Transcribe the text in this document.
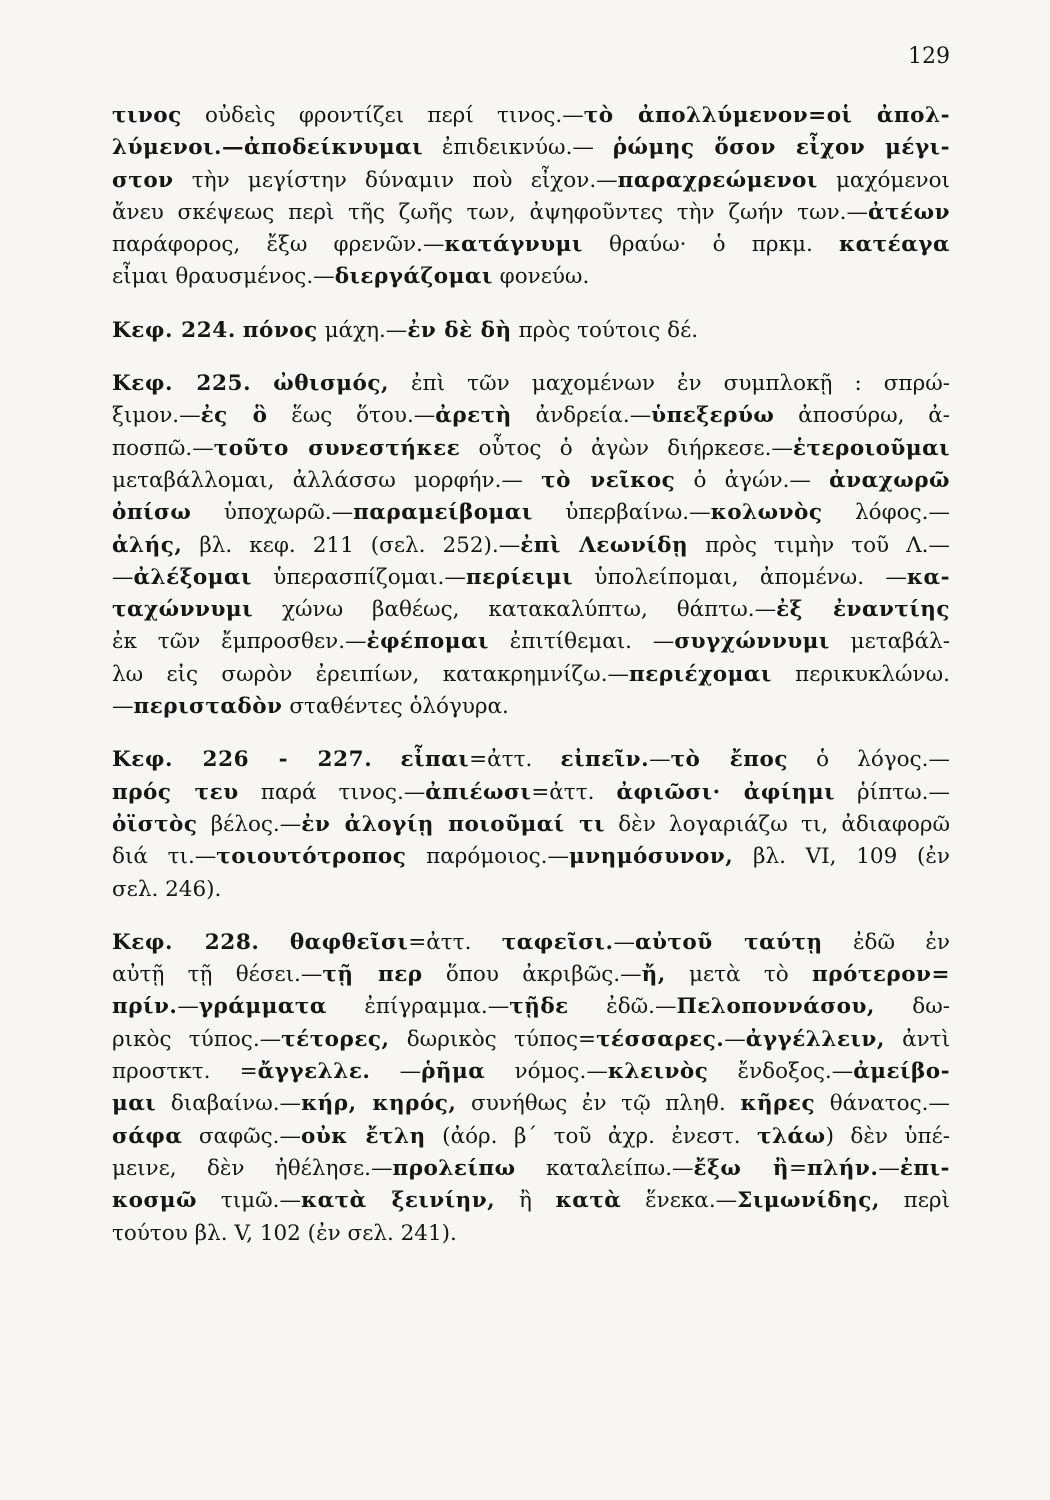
129
τινος οὐδεὶς φροντίζει περί τινος.—τὸ ἀπολλύμενον=οἱ ἀπολ-
λύμενοι.—ἀποδείκνυμαι ἐπιδεικνύω.— ῥώμης ὅσον εἶχον μέγι-
στον τὴν μεγίστην δύναμιν ποὺ εἶχον.—παραχρεώμενοι μαχόμενοι
ἄνευ σκέψεως περὶ τῆς ζωῆς των, ἀψηφοῦντες τὴν ζωήν των.—ἀτέων
παράφορος, ἔξω φρενῶν.—κατάγνυμι θραύω· ὁ πρκμ. κατέαγα
εἶμαι θραυσμένος.—διεργάζομαι φονεύω.
Κεφ. 224. πόνος μάχη.—ἐν δὲ δὴ πρὸς τούτοις δέ.
Κεφ. 225. ὠθισμός, ἐπὶ τῶν μαχομένων ἐν συμπλοκῇ : σπρώ-
ξιμον.—ἐς ὃ ἕως ὅτου.—ἀρετὴ ἀνδρεία.—ὑπεξερύω ἀποσύρω, ἀ-
ποσπῶ.—τοῦτο συνεστήκεε οὗτος ὁ ἀγὼν διήρκεσε.—ἑτεροιοῦμαι
μεταβάλλομαι, ἀλλάσσω μορφήν.— τὸ νεῖκος ὁ ἀγών.— ἀναχωρῶ
ὀπίσω ὑποχωρῶ.—παραμείβομαι ὑπερβαίνω.—κολωνὸς λόφος.—
ἁλής, βλ. κεφ. 211 (σελ. 252).—ἐπὶ Λεωνίδῃ πρὸς τιμὴν τοῦ Λ.—
—ἀλέξομαι ὑπερασπίζομαι.—περίειμι ὑπολείπομαι, ἀπομένω. —κα-
ταχώννυμι χώνω βαθέως, κατακαλύπτω, θάπτω.—ἐξ ἐναντίης
ἐκ τῶν ἔμπροσθεν.—ἐφέπομαι ἐπιτίθεμαι. —συγχώννυμι μεταβάλ-
λω εἰς σωρὸν ἐρειπίων, κατακρημνίζω.—περιέχομαι περικυκλώνω.
—περισταδὸν σταθέντες ὁλόγυρα.
Κεφ. 226 - 227. εἶπαι=ἀττ. εἰπεῖν.—τὸ ἔπος ὁ λόγος.—
πρός τευ παρά τινος.—ἀπιέωσι=ἀττ. ἀφιῶσι· ἀφίημι ῥίπτω.—
ὀϊστὸς βέλος.—ἐν ἀλογίῃ ποιοῦμαί τι δὲν λογαριάζω τι, ἀδιαφορῶ
διά τι.—τοιουτότροπος παρόμοιος.—μνημόσυνον, βλ. VI, 109 (ἐν
σελ. 246).
Κεφ. 228. θαφθεῖσι=ἀττ. ταφεῖσι.—αὐτοῦ ταύτῃ ἐδῶ ἐν
αὐτῇ τῇ θέσει.—τῇ περ ὅπου ἀκριβῶς.—ἤ, μετὰ τὸ πρότερον=
πρίν.—γράμματα ἐπίγραμμα.—τῇδε ἐδῶ.—Πελοποννάσου, δω-
ρικὸς τύπος.—τέτορες, δωρικὸς τύπος=τέσσαρες.—ἀγγέλλειν, ἀντὶ
προστκτ. =ἄγγελλε. —ῥῆμα νόμος.—κλεινὸς ἔνδοξος.—ἀμείβο-
μαι διαβαίνω.—κήρ, κηρός, συνήθως ἐν τῷ πληθ. κῆρες θάνατος.—
σάφα σαφῶς.—οὐκ ἔτλη (ἀόρ. β΄ τοῦ ἀχρ. ἐνεστ. τλάω) δὲν ὑπέ-
μεινε, δὲν ἠθέλησε.—προλείπω καταλείπω.—ἔξω ἢ=πλήν.—ἐπι-
κοσμῶ τιμῶ.—κατὰ ξεινίην, ἢ κατὰ ἕνεκα.—Σιμωνίδης, περὶ
τούτου βλ. V, 102 (ἐν σελ. 241).
